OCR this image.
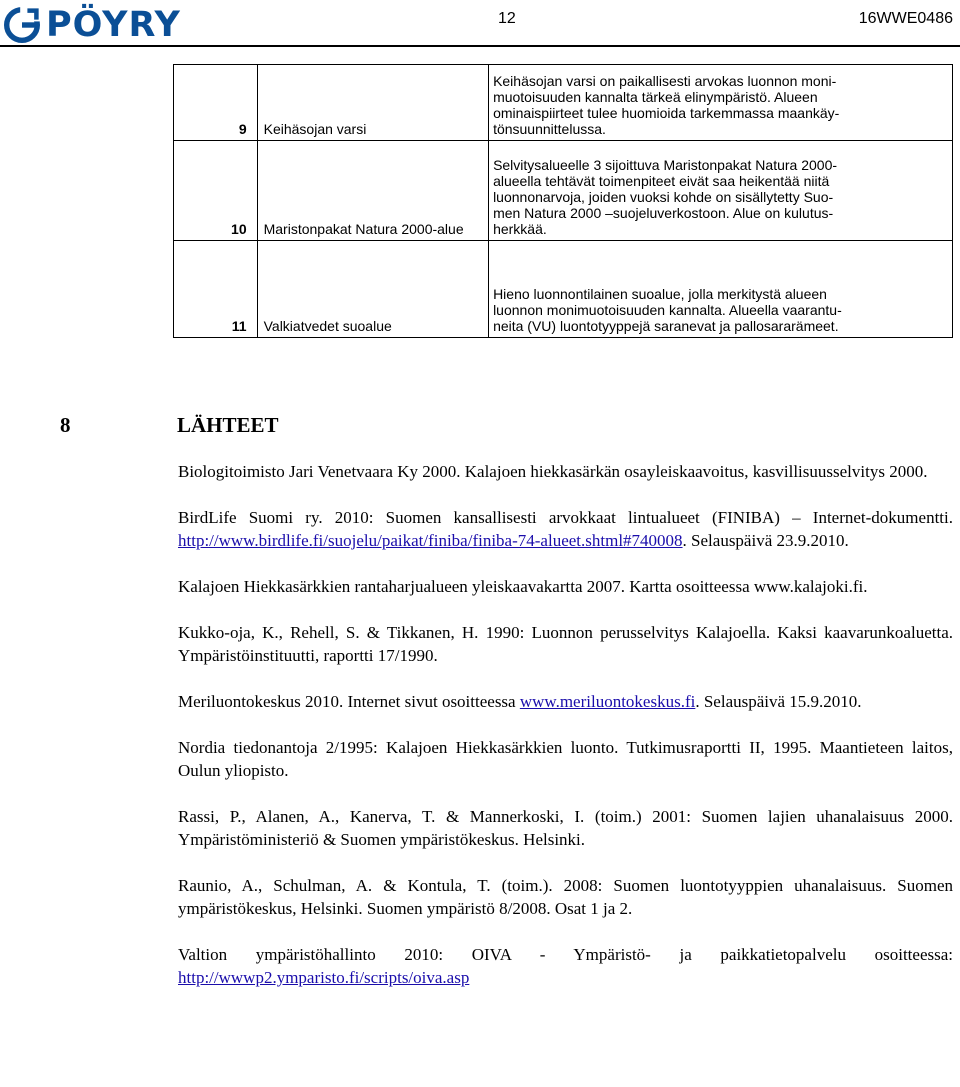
PÖYRY	12	16WWE0486
9	Keihäsojan varsi	Keihäsojan varsi on paikallisesti arvokas luonnon moni-
muotoisuuden kannalta tärkeä elinympäristö. Alueen
ominaispiirteet tulee huomioida tarkemmassa maankäy-
tönsuunnittelussa.

10	Maristonpakat Natura 2000-alue	Selvitysalueelle 3 sijoittuva Maristonpakat Natura 2000-
alueella tehtävät toimenpiteet eivät saa heikentää niitä
luonnonarvoja, joiden vuoksi kohde on sisällytetty Suo-
men Natura 2000 –suojeluverkostoon. Alue on kulutus-
herkkää.

11	Valkiatvedet suoalue	Hieno luonnontilainen suoalue, jolla merkitystä alueen
luonnon monimuotoisuuden kannalta. Alueella vaarantu-
neita (VU) luontotyyppejä saranevat ja pallosararämeet.
8	LÄHTEET

Biologitoimisto Jari Venetvaara Ky 2000. Kalajoen hiekkasärkän osayleiskaavoitus, kasvillisuusselvitys 2000.

BirdLife Suomi ry. 2010: Suomen kansallisesti arvokkaat lintualueet (FINIBA) – Internet-dokumentti. http://www.birdlife.fi/suojelu/paikat/finiba/finiba-74-alueet.shtml#740008. Selauspäivä 23.9.2010.

Kalajoen Hiekkasärkkien rantaharjualueen yleiskaavakartta 2007. Kartta osoitteessa www.kalajoki.fi.

Kukko-oja, K., Rehell, S. & Tikkanen, H. 1990: Luonnon perusselvitys Kalajoella. Kaksi kaavarunkoaluetta. Ympäristöinstituutti, raportti 17/1990.

Meriluontokeskus 2010. Internet sivut osoitteessa www.meriluontokeskus.fi. Selauspäivä 15.9.2010.

Nordia tiedonantoja 2/1995: Kalajoen Hiekkasärkkien luonto. Tutkimusraportti II, 1995. Maantieteen laitos, Oulun yliopisto.

Rassi, P., Alanen, A., Kanerva, T. & Mannerkoski, I. (toim.) 2001: Suomen lajien uhanalaisuus 2000. Ympäristöministeriö & Suomen ympäristökeskus. Helsinki.

Raunio, A., Schulman, A. & Kontula, T. (toim.). 2008: Suomen luontotyyppien uhanalaisuus. Suomen ympäristökeskus, Helsinki. Suomen ympäristö 8/2008. Osat 1 ja 2.

Valtion ympäristöhallinto 2010: OIVA - Ympäristö- ja paikkatietopalvelu osoitteessa: http://wwwp2.ymparisto.fi/scripts/oiva.asp
